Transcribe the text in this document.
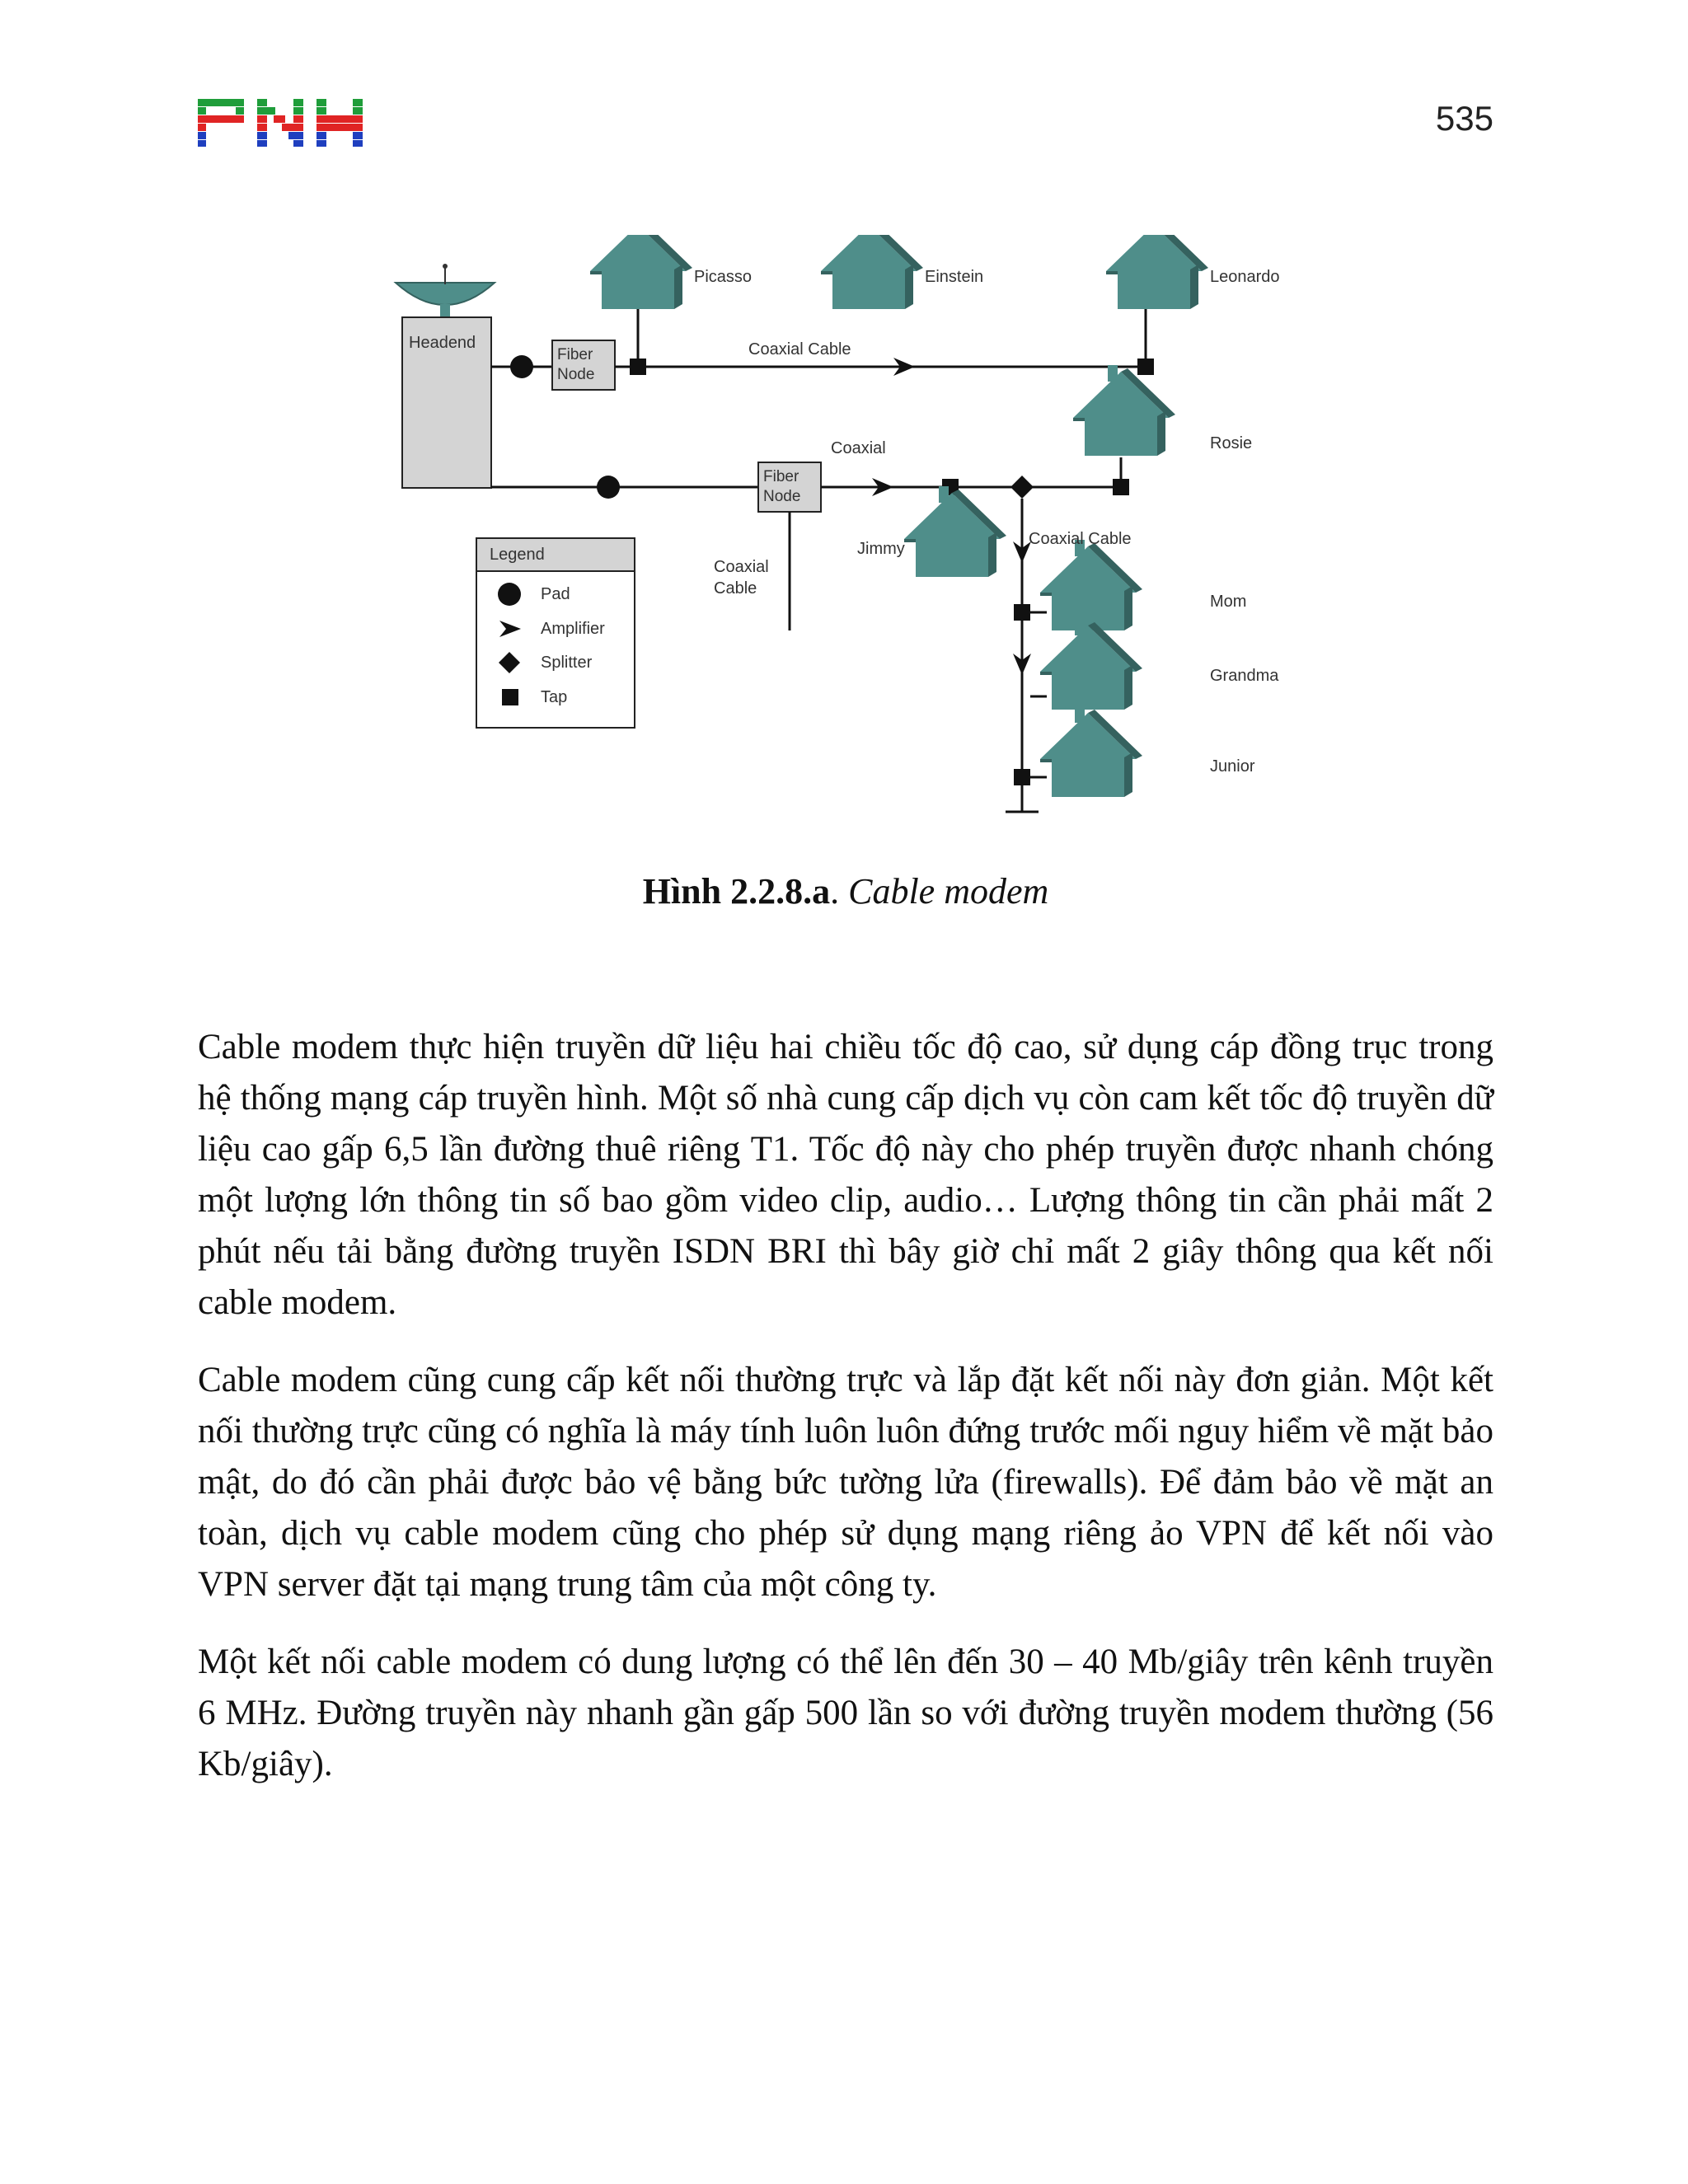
535
Headend
Fiber
Node
Fiber
Node
Coaxial Cable
Coaxial
Coaxial Cable
Coaxial
Cable
Picasso	Einstein	Leonardo
Rosie
Jimmy
Mom
Grandma
Junior
Legend
Pad
Amplifier
Splitter
Tap
Hình 2.2.8.a. Cable modem

Cable modem thực hiện truyền dữ liệu hai chiều tốc độ cao, sử dụng cáp đồng trục trong hệ thống mạng cáp truyền hình. Một số nhà cung cấp dịch vụ còn cam kết tốc độ truyền dữ liệu cao gấp 6,5 lần đường thuê riêng T1. Tốc độ này cho phép truyền được nhanh chóng một lượng lớn thông tin số bao gồm video clip, audio… Lượng thông tin cần phải mất 2 phút nếu tải bằng đường truyền ISDN BRI thì bây giờ chỉ mất 2 giây thông qua kết nối cable modem.

Cable modem cũng cung cấp kết nối thường trực và lắp đặt kết nối này đơn giản. Một kết nối thường trực cũng có nghĩa là máy tính luôn luôn đứng trước mối nguy hiểm về mặt bảo mật, do đó cần phải được bảo vệ bằng bức tường lửa (firewalls). Để đảm bảo về mặt an toàn, dịch vụ cable modem cũng cho phép sử dụng mạng riêng ảo VPN để kết nối vào VPN server đặt tại mạng trung tâm của một công ty.

Một kết nối cable modem có dung lượng có thể lên đến 30 – 40 Mb/giây trên kênh truyền 6 MHz. Đường truyền này nhanh gần gấp 500 lần so với đường truyền modem thường (56 Kb/giây).
